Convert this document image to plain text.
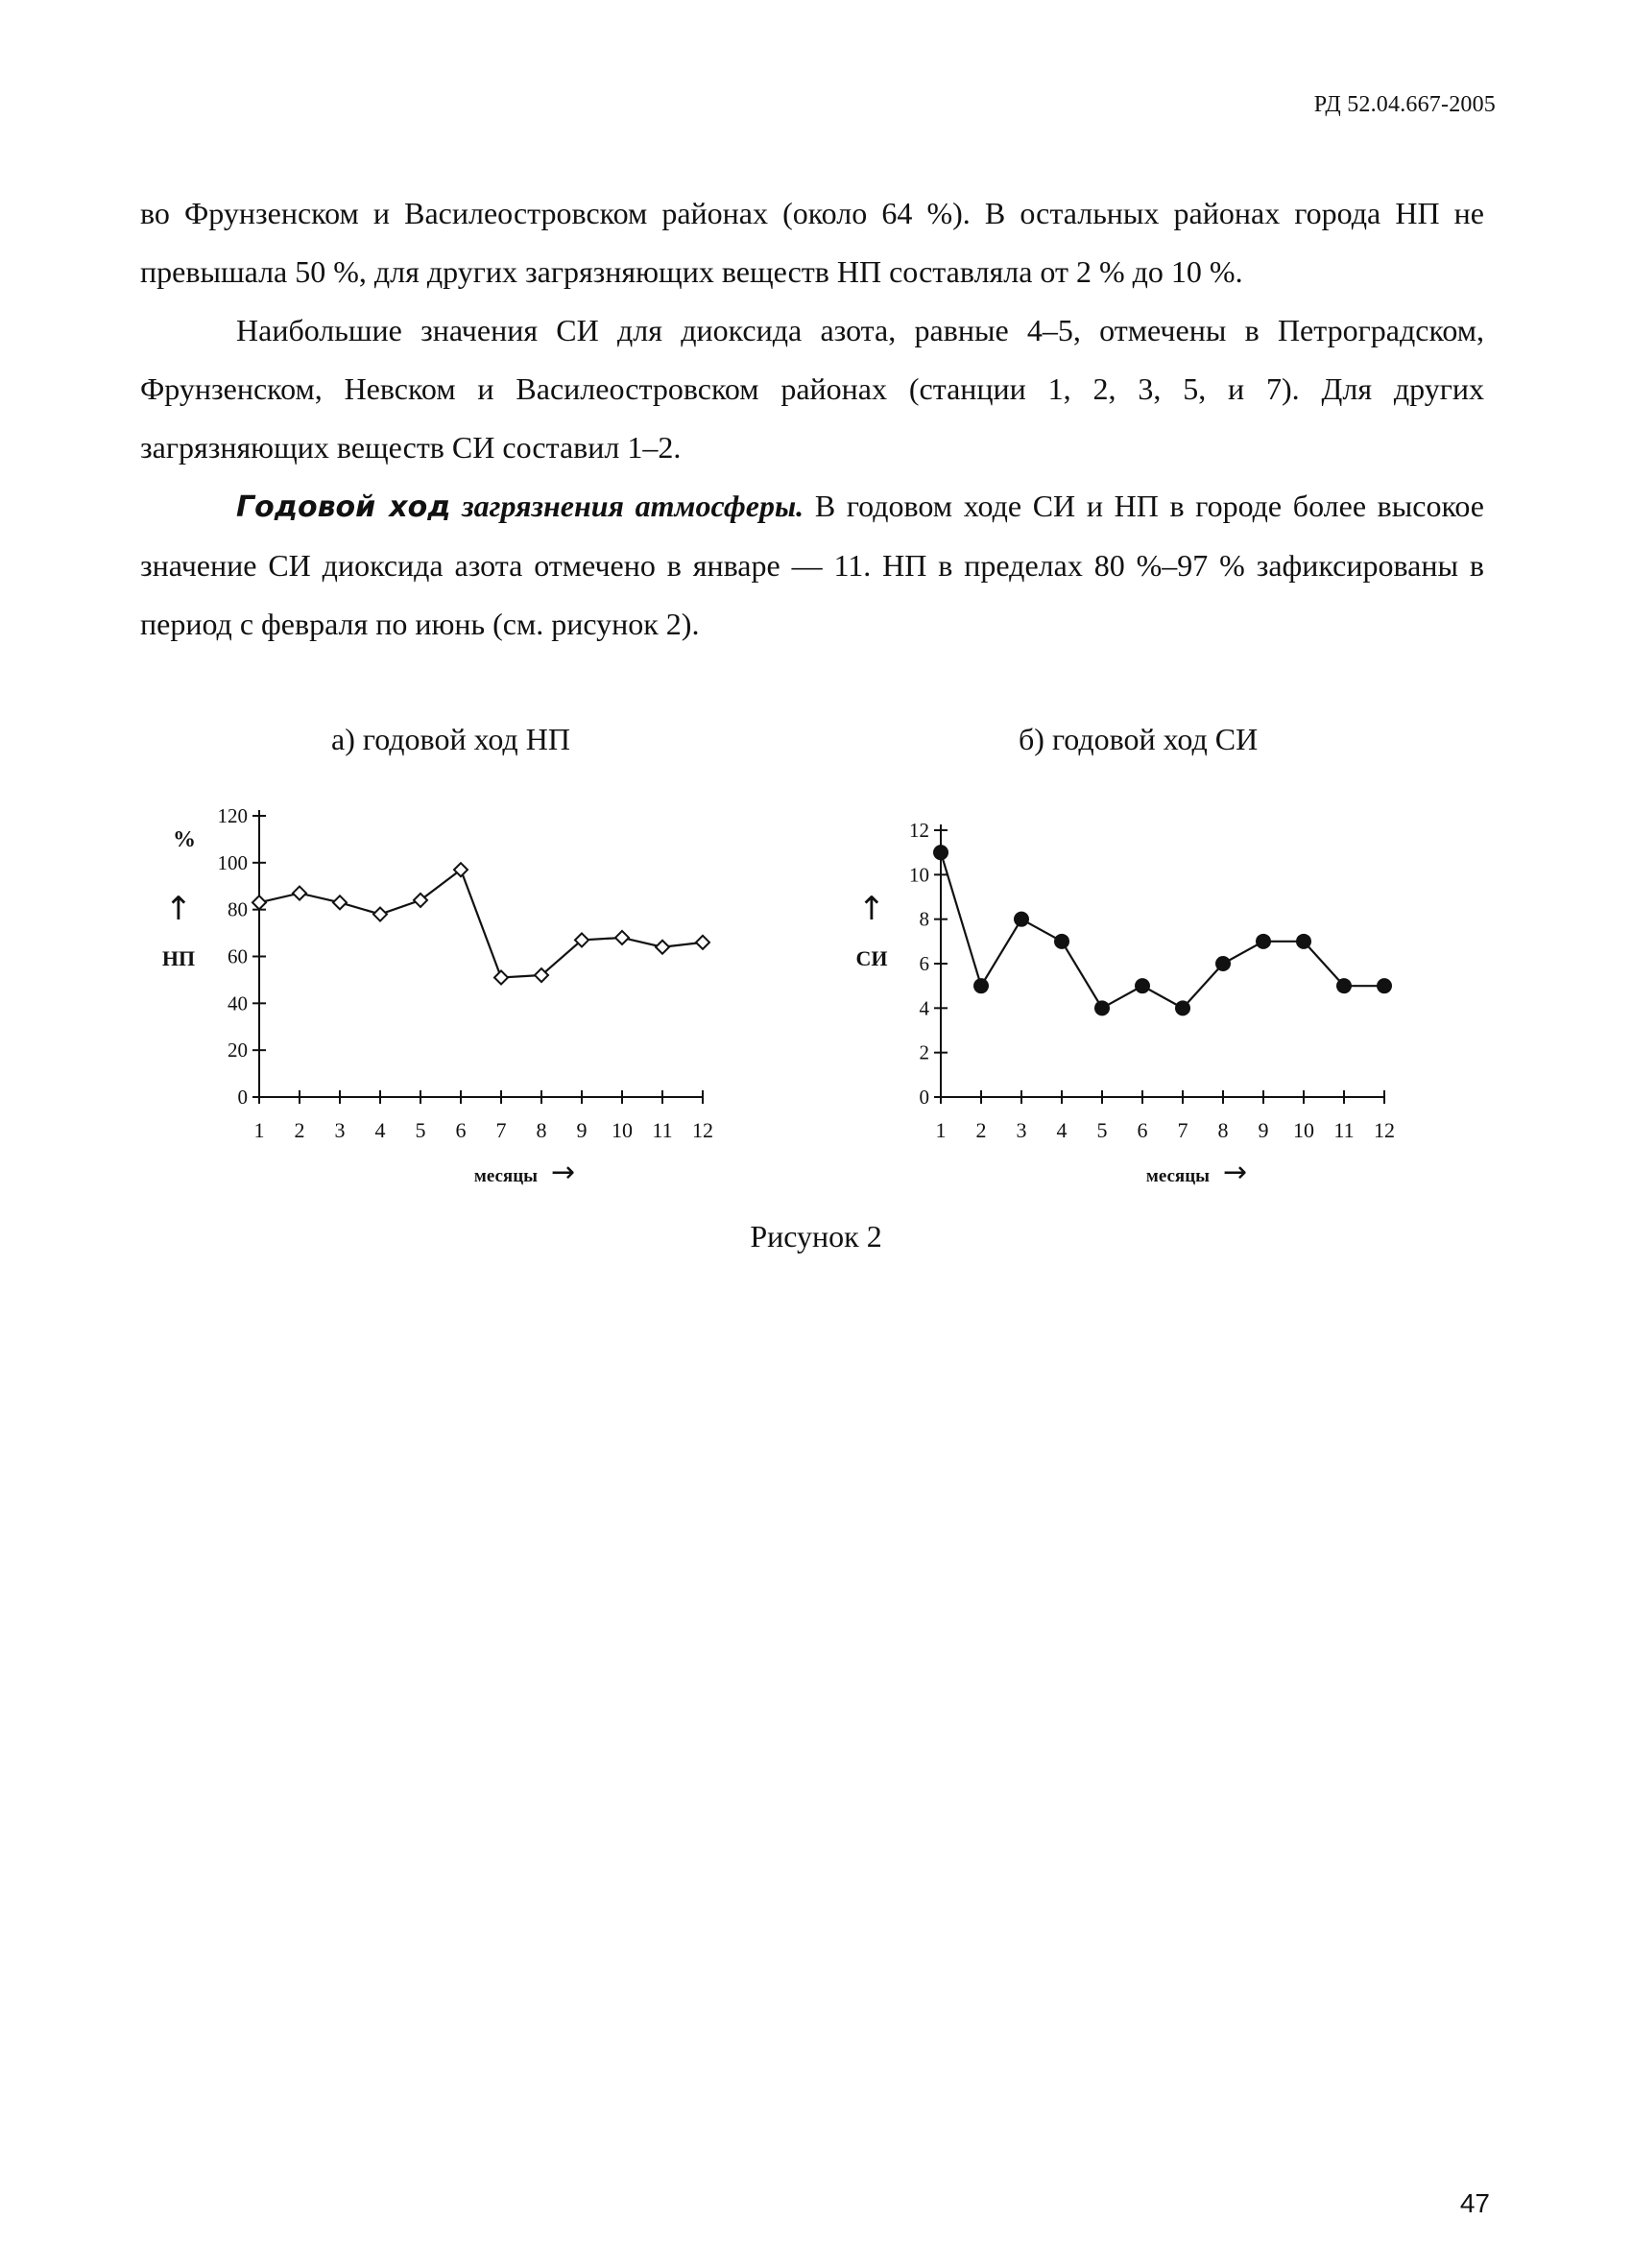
РД 52.04.667-2005

во Фрунзенском и Василеостровском районах (около 64 %). В остальных районах города НП не превышала 50 %, для других загрязняющих веществ НП составляла от 2 % до 10 %.

Наибольшие значения СИ для диоксида азота, равные 4–5, отмечены в Петроградском, Фрунзенском, Невском и Василеостровском районах (станции 1, 2, 3, 5, и 7). Для других загрязняющих веществ СИ составил 1–2.

Годовой ход загрязнения атмосферы. В годовом ходе СИ и НП в городе более высокое значение СИ диоксида азота отмечено в январе — 11. НП в пределах 80 %–97 % зафиксированы в период с февраля по июнь (см. рисунок 2).

а) годовой ход НП	б) годовой ход СИ
0
20
40
60
80
100
120
1 2 3 4 5 6 7 8 9 10 11 12
%
↑
НП
месяцы →
0
2
4
6
8
10
12
1 2 3 4 5 6 7 8 9 10 11 12
↑
СИ
месяцы →
Рисунок 2
47
